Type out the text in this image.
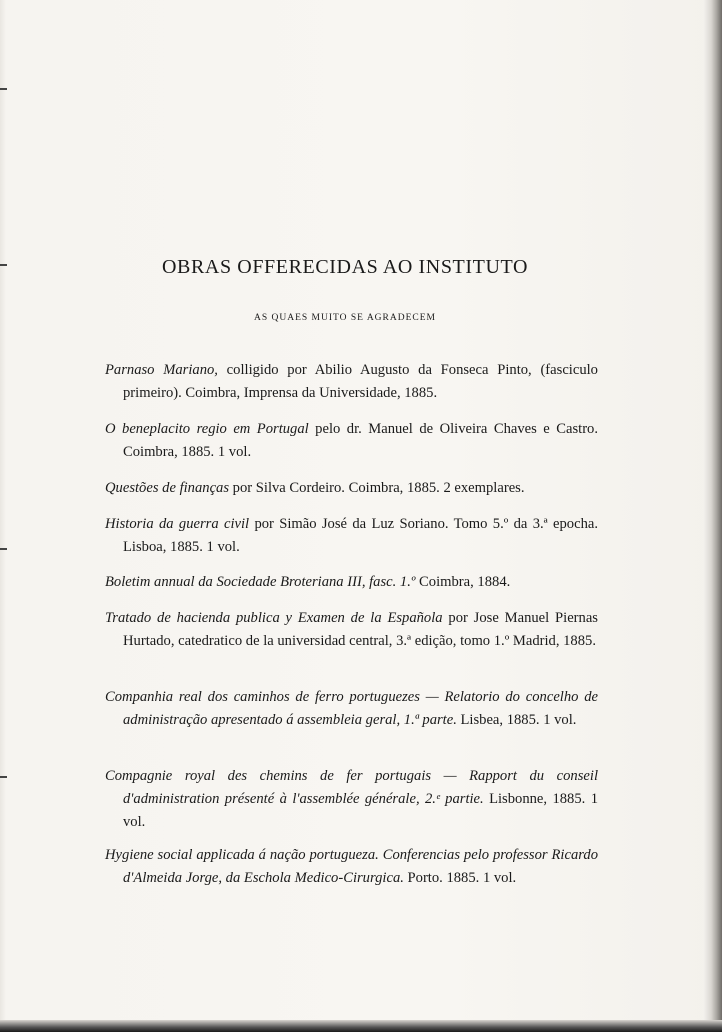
OBRAS OFFERECIDAS AO INSTITUTO

AS QUAES MUITO SE AGRADECEM

Parnaso Mariano, colligido por Abilio Augusto da Fonseca Pinto, (fasciculo primeiro). Coimbra, Imprensa da Universidade, 1885.

O beneplacito regio em Portugal pelo dr. Manuel de Oliveira Chaves e Castro. Coimbra, 1885. 1 vol.

Questões de finanças por Silva Cordeiro. Coimbra, 1885. 2 exemplares.

Historia da guerra civil por Simão José da Luz Soriano. Tomo 5.º da 3.ª epocha. Lisboa, 1885. 1 vol.

Boletim annual da Sociedade Broteriana III, fasc. 1.º Coimbra, 1884.

Tratado de hacienda publica y Examen de la Española por Jose Manuel Piernas Hurtado, catedratico de la universidad central, 3.ª edição, tomo 1.º Madrid, 1885.

Companhia real dos caminhos de ferro portuguezes — Relatorio do concelho de administração apresentado á assembleia geral, 1.ª parte. Lisbea, 1885. 1 vol.

Compagnie royal des chemins de fer portugais — Rapport du conseil d'administration présenté à l'assemblée générale, 2.ᵉ partie. Lisbonne, 1885. 1 vol.

Hygiene social applicada á nação portugueza. Conferencias pelo professor Ricardo d'Almeida Jorge, da Eschola Medico-Cirurgica. Porto. 1885. 1 vol.
